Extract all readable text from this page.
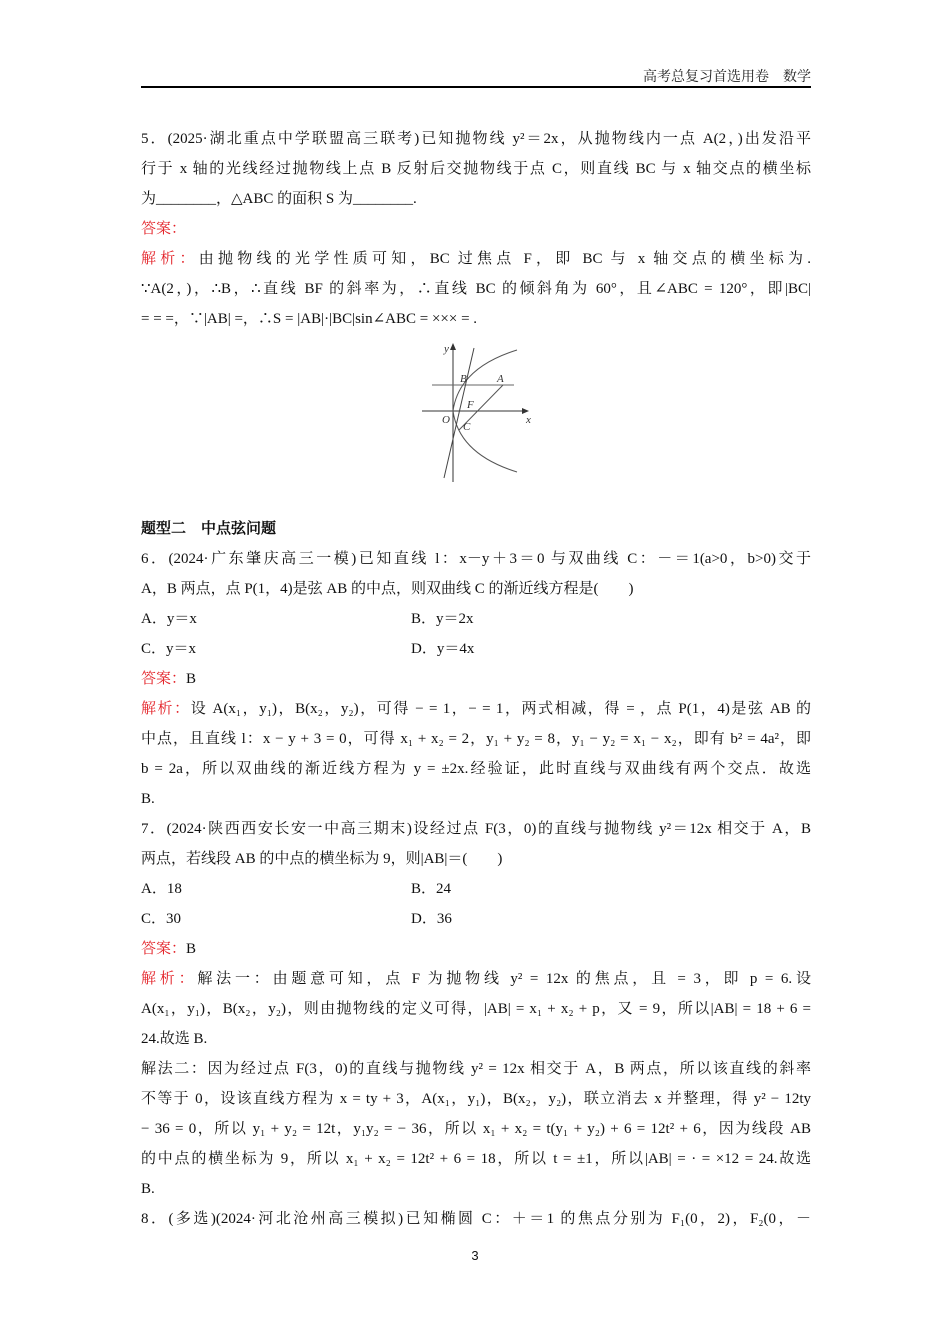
高考总复习首选用卷　数学
5．(2025·湖北重点中学联盟高三联考)已知抛物线 y²＝2x，从抛物线内一点 A(2，)出发沿平
行于 x 轴的光线经过抛物线上点 B 反射后交抛物线于点 C，则直线 BC 与 x 轴交点的横坐标
为________，△ABC 的面积 S 为________.
答案：
解析：由抛物线的光学性质可知，BC 过焦点 F，即 BC 与 x 轴交点的横坐标为.
∵A(2，)，∴B，∴直线 BF 的斜率为，∴直线 BC 的倾斜角为 60°，且∠ABC = 120°，即|BC|
= = =，∵|AB| =，∴S = |AB|·|BC|sin∠ABC = ××× = .
y
x
O
B	A
F
C
题型二　中点弦问题
6．(2024·广东肇庆高三一模)已知直线 l：x－y＋3＝0 与双曲线 C：－＝1(a>0，b>0)交于
A，B 两点，点 P(1，4)是弦 AB 的中点，则双曲线 C 的渐近线方程是(　　)
A．y＝x	B．y＝2x
C．y＝x	D．y＝4x
答案：B
解析：设 A(x₁，y₁)，B(x₂，y₂)，可得 − = 1，− = 1，两式相减，得 = ，点 P(1，4)是弦 AB 的
中点，且直线 l：x − y + 3 = 0，可得 x₁ + x₂ = 2，y₁ + y₂ = 8，y₁ − y₂ = x₁ − x₂，即有 b² = 4a²，即
b = 2a，所以双曲线的渐近线方程为 y = ±2x.经验证，此时直线与双曲线有两个交点．故选
B.
7．(2024·陕西西安长安一中高三期末)设经过点 F(3，0)的直线与抛物线 y²＝12x 相交于 A，B
两点，若线段 AB 的中点的横坐标为 9，则|AB|＝(　　)
A．18	B．24
C．30	D．36
答案：B
解析：解法一：由题意可知，点 F 为抛物线 y² = 12x 的焦点，且 = 3，即 p = 6.设
A(x₁，y₁)，B(x₂，y₂)，则由抛物线的定义可得，|AB| = x₁ + x₂ + p，又 = 9，所以|AB| = 18 + 6 =
24.故选 B.
解法二：因为经过点 F(3，0)的直线与抛物线 y² = 12x 相交于 A，B 两点，所以该直线的斜率
不等于 0，设该直线方程为 x = ty + 3，A(x₁，y₁)，B(x₂，y₂)，联立消去 x 并整理，得 y² − 12ty
− 36 = 0，所以 y₁ + y₂ = 12t，y₁y₂ = − 36，所以 x₁ + x₂ = t(y₁ + y₂) + 6 = 12t² + 6，因为线段 AB
的中点的横坐标为 9，所以 x₁ + x₂ = 12t² + 6 = 18，所以 t = ±1，所以|AB| = · = ×12 = 24.故选
B.
8．(多选)(2024·河北沧州高三模拟)已知椭圆 C：＋＝1 的焦点分别为 F₁(0，2)，F₂(0，－
3
